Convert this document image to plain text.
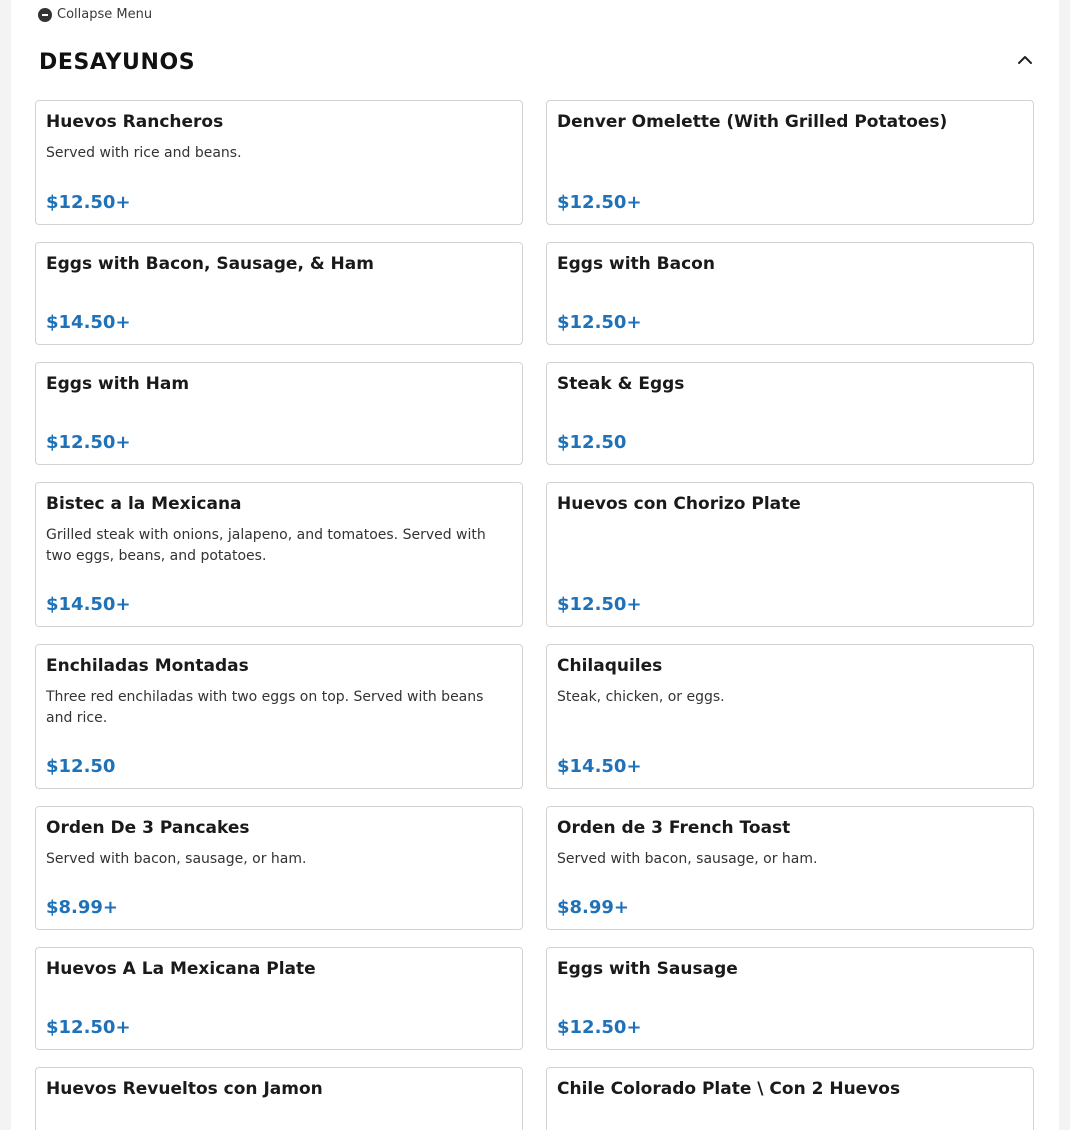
Collapse Menu
DESAYUNOS
Huevos Rancheros
Served with rice and beans.
$12.50+
Denver Omelette (With Grilled Potatoes)
$12.50+
Eggs with Bacon, Sausage, & Ham
$14.50+
Eggs with Bacon
$12.50+
Eggs with Ham
$12.50+
Steak & Eggs
$12.50
Bistec a la Mexicana
Grilled steak with onions, jalapeno, and tomatoes. Served with two eggs, beans, and potatoes.
$14.50+
Huevos con Chorizo Plate
$12.50+
Enchiladas Montadas
Three red enchiladas with two eggs on top. Served with beans and rice.
$12.50
Chilaquiles
Steak, chicken, or eggs.
$14.50+
Orden De 3 Pancakes
Served with bacon, sausage, or ham.
$8.99+
Orden de 3 French Toast
Served with bacon, sausage, or ham.
$8.99+
Huevos A La Mexicana Plate
$12.50+
Eggs with Sausage
$12.50+
Huevos Revueltos con Jamon	Chile Colorado Plate \ Con 2 Huevos
